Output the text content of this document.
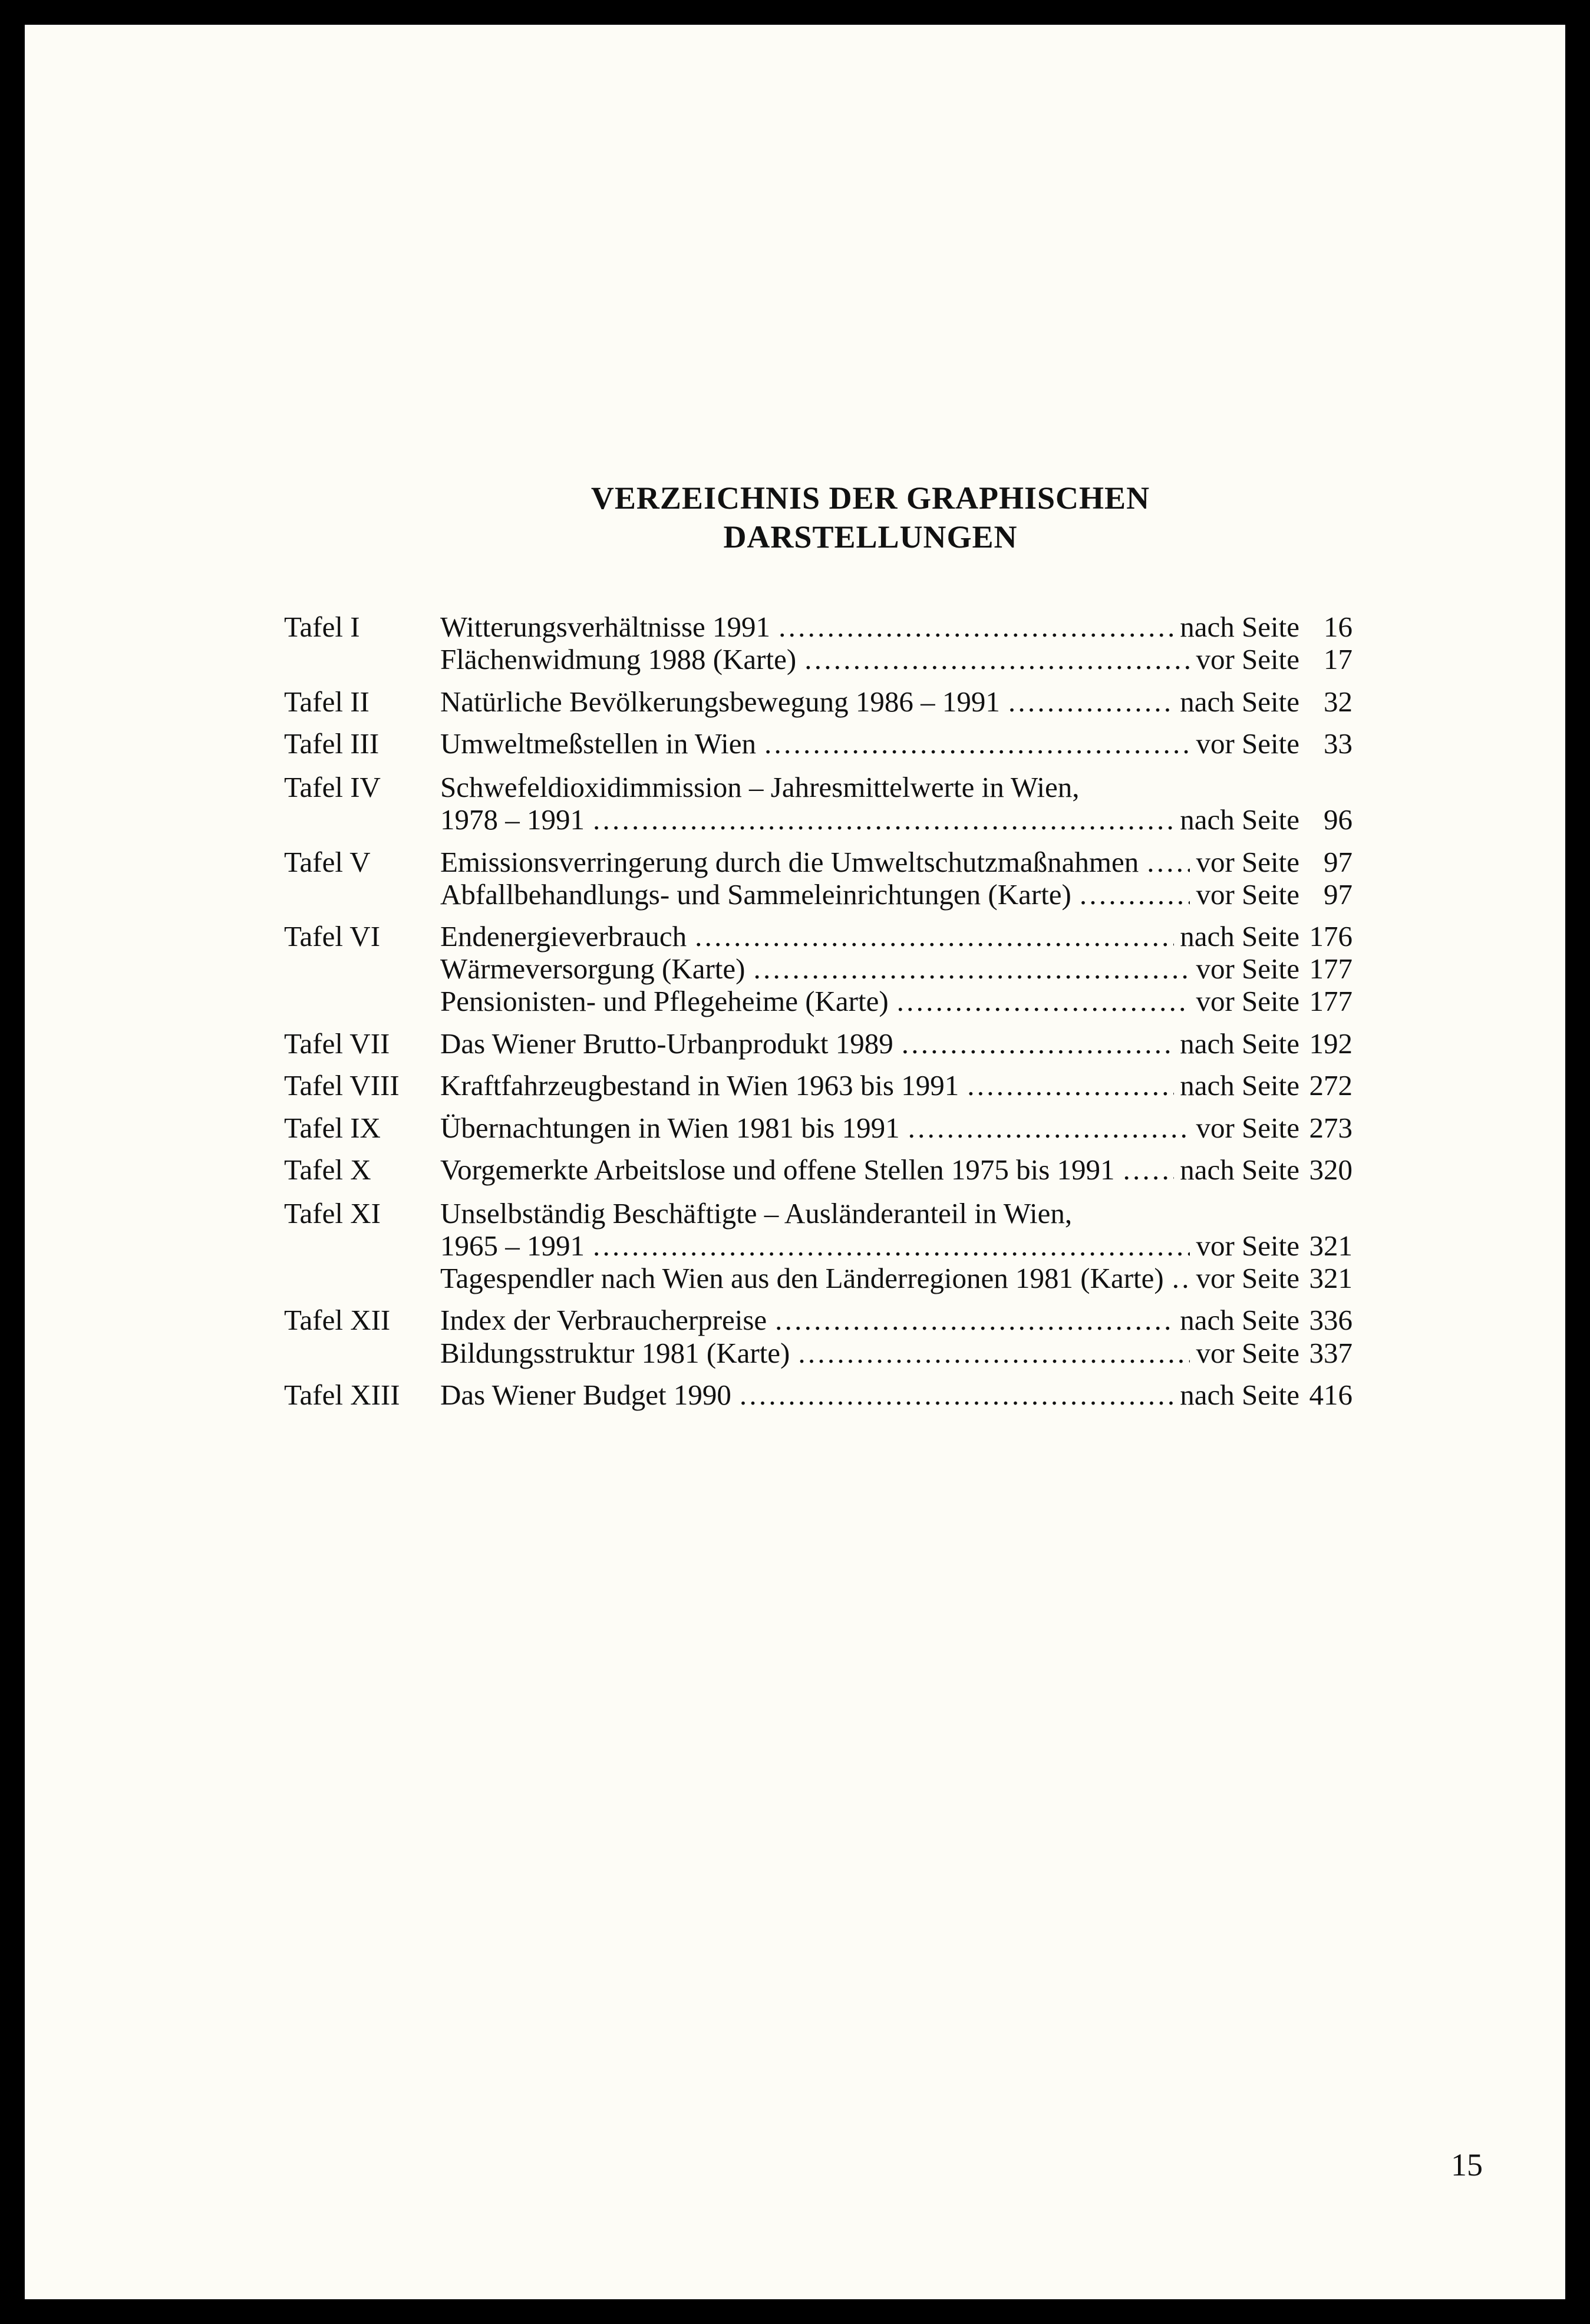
VERZEICHNIS DER GRAPHISCHEN
DARSTELLUNGEN
Tafel I	Witterungsverhältnisse 1991 . . .	nach Seite 16
Flächenwidmung 1988 (Karte) . . .	vor Seite 17
Tafel II Natürliche Bevölkerungsbewegung 1986 – 1991 . . .	nach Seite 32
Tafel III Umweltmeßstellen in Wien . . .	vor Seite 33
Tafel IV Schwefeldioxidimmission – Jahresmittelwerte in Wien,
1978 – 1991 . . .	nach Seite 96
Tafel V Emissionsverringerung durch die Umweltschutzmaßnahmen . . . vor Seite 97
Abfallbehandlungs- und Sammeleinrichtungen (Karte) . . .	vor Seite 97
Tafel VI Endenergieverbrauch . . .	nach Seite 176
Wärmeversorgung (Karte) . . .	vor Seite 177
Pensionisten- und Pflegeheime (Karte) . . .	vor Seite 177
Tafel VII Das Wiener Brutto-Urbanprodukt 1989 . . .	nach Seite 192
Tafel VIII Kraftfahrzeugbestand in Wien 1963 bis 1991 . . .	nach Seite 272
Tafel IX Übernachtungen in Wien 1981 bis 1991 . . .	vor Seite 273
Tafel X Vorgemerkte Arbeitslose und offene Stellen 1975 bis 1991 . . . nach Seite 320
Tafel XI Unselbständig Beschäftigte – Ausländeranteil in Wien,
1965 – 1991 . . .	vor Seite 321
Tagespendler nach Wien aus den Länderregionen 1981 (Karte) . . . vor Seite 321
Tafel XII Index der Verbraucherpreise . . .	nach Seite 336
Bildungsstruktur 1981 (Karte) . . .	vor Seite 337
Tafel XIII Das Wiener Budget 1990 . . .	nach Seite 416
15
